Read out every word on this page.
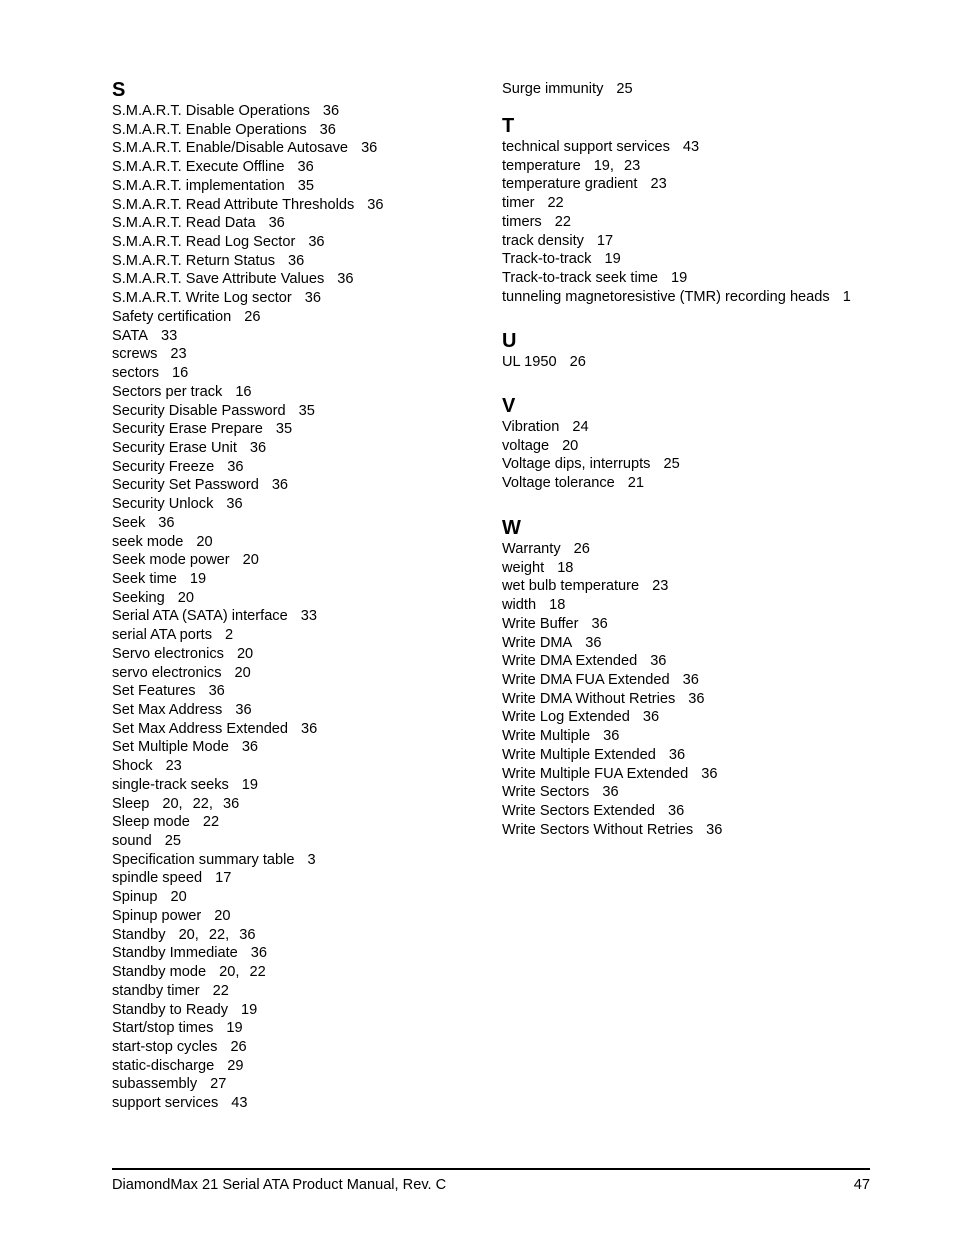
S
S.M.A.R.T. Disable Operations 36
S.M.A.R.T. Enable Operations 36
S.M.A.R.T. Enable/Disable Autosave 36
S.M.A.R.T. Execute Offline 36
S.M.A.R.T. implementation 35
S.M.A.R.T. Read Attribute Thresholds 36
S.M.A.R.T. Read Data 36
S.M.A.R.T. Read Log Sector 36
S.M.A.R.T. Return Status 36
S.M.A.R.T. Save Attribute Values 36
S.M.A.R.T. Write Log sector 36
Safety certification 26
SATA 33
screws 23
sectors 16
Sectors per track 16
Security Disable Password 35
Security Erase Prepare 35
Security Erase Unit 36
Security Freeze 36
Security Set Password 36
Security Unlock 36
Seek 36
seek mode 20
Seek mode power 20
Seek time 19
Seeking 20
Serial ATA (SATA) interface 33
serial ATA ports 2
Servo electronics 20
servo electronics 20
Set Features 36
Set Max Address 36
Set Max Address Extended 36
Set Multiple Mode 36
Shock 23
single-track seeks 19
Sleep 20, 22, 36
Sleep mode 22
sound 25
Specification summary table 3
spindle speed 17
Spinup 20
Spinup power 20
Standby 20, 22, 36
Standby Immediate 36
Standby mode 20, 22
standby timer 22
Standby to Ready 19
Start/stop times 19
start-stop cycles 26
static-discharge 29
subassembly 27
support services 43
Surge immunity 25
T
technical support services 43
temperature 19, 23
temperature gradient 23
timer 22
timers 22
track density 17
Track-to-track 19
Track-to-track seek time 19
tunneling magnetoresistive (TMR) recording heads 1
U
UL 1950 26
V
Vibration 24
voltage 20
Voltage dips, interrupts 25
Voltage tolerance 21
W
Warranty 26
weight 18
wet bulb temperature 23
width 18
Write Buffer 36
Write DMA 36
Write DMA Extended 36
Write DMA FUA Extended 36
Write DMA Without Retries 36
Write Log Extended 36
Write Multiple 36
Write Multiple Extended 36
Write Multiple FUA Extended 36
Write Sectors 36
Write Sectors Extended 36
Write Sectors Without Retries 36
DiamondMax 21 Serial ATA Product Manual, Rev. C	47
